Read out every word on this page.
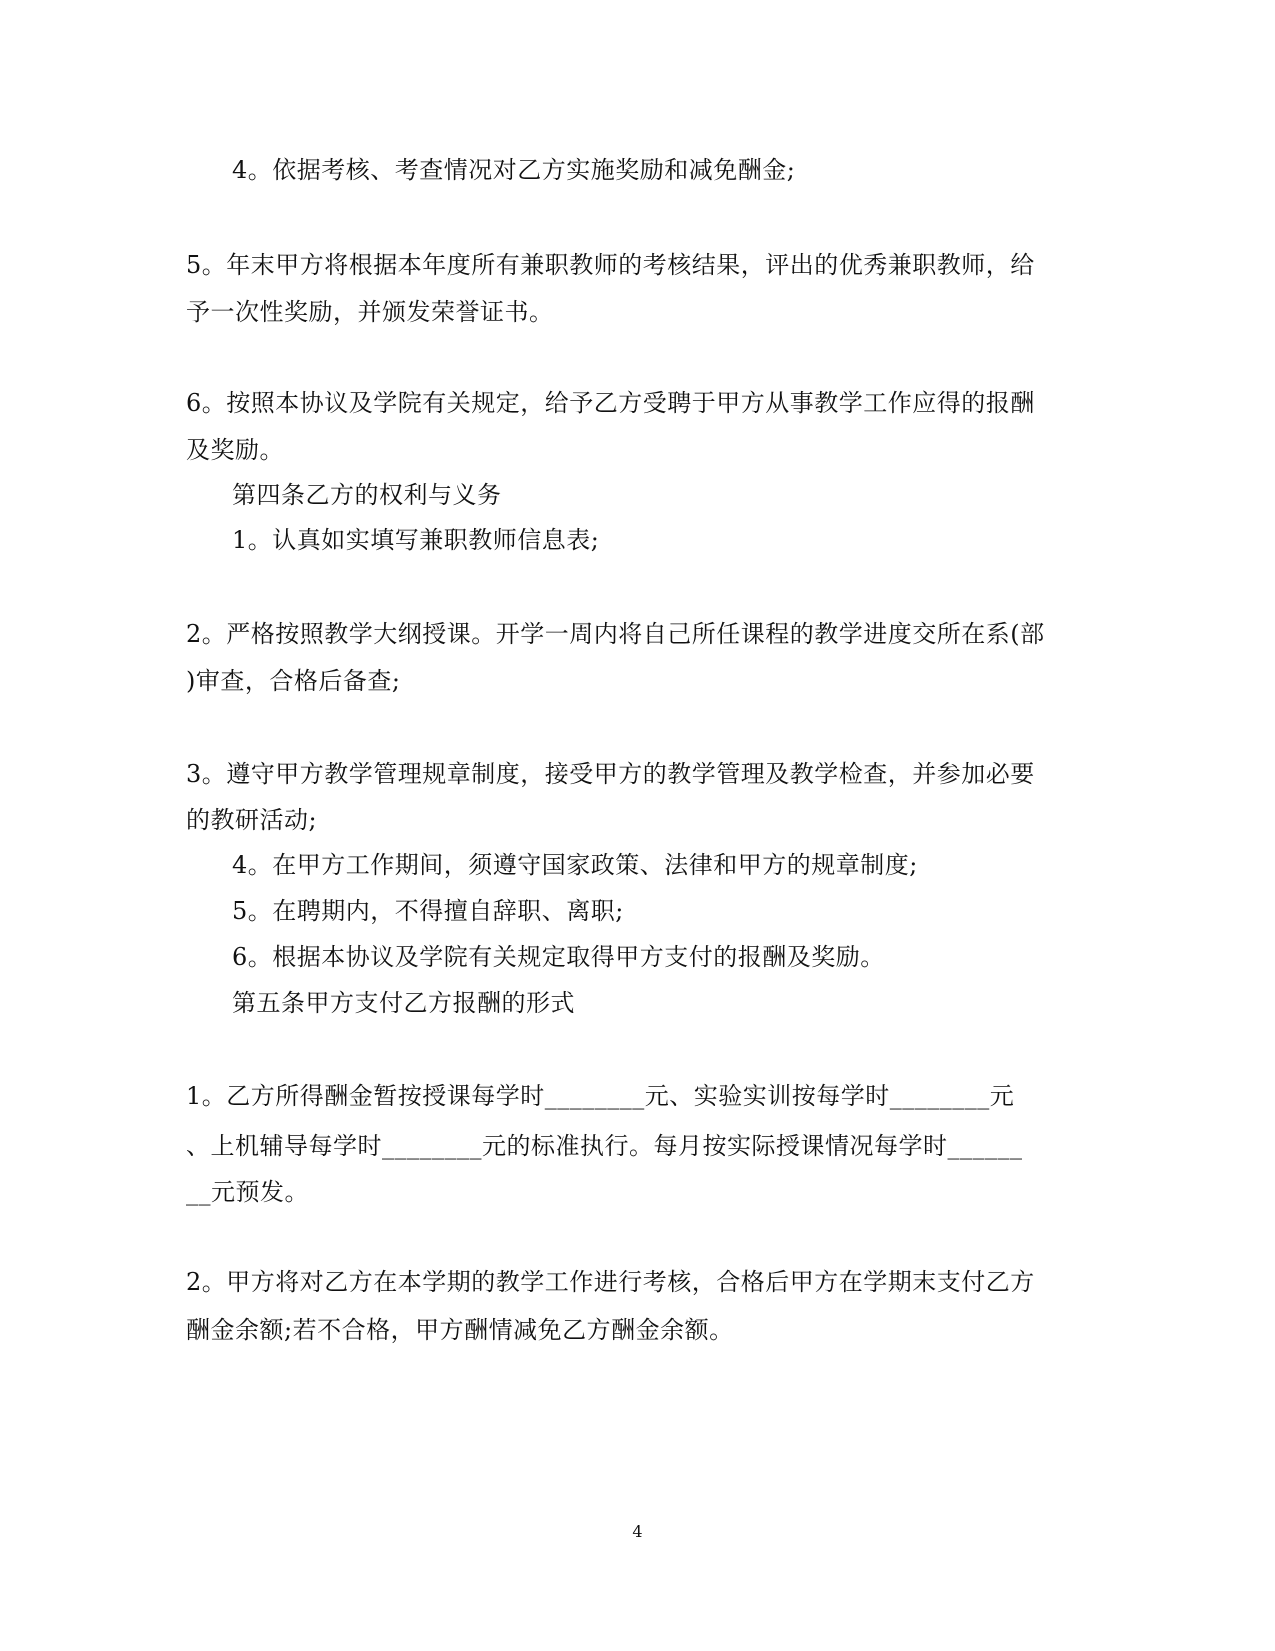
4。依据考核、考查情况对乙方实施奖励和减免酬金;
5。年末甲方将根据本年度所有兼职教师的考核结果，评出的优秀兼职教师，给
予一次性奖励，并颁发荣誉证书。
6。按照本协议及学院有关规定，给予乙方受聘于甲方从事教学工作应得的报酬
及奖励。
第四条乙方的权利与义务
1。认真如实填写兼职教师信息表;
2。严格按照教学大纲授课。开学一周内将自己所任课程的教学进度交所在系(部
)审查，合格后备查;
3。遵守甲方教学管理规章制度，接受甲方的教学管理及教学检查，并参加必要
的教研活动;
4。在甲方工作期间，须遵守国家政策、法律和甲方的规章制度;
5。在聘期内，不得擅自辞职、离职;
6。根据本协议及学院有关规定取得甲方支付的报酬及奖励。
第五条甲方支付乙方报酬的形式
1。乙方所得酬金暂按授课每学时________元、实验实训按每学时________元
、上机辅导每学时________元的标准执行。每月按实际授课情况每学时______
__元预发。
2。甲方将对乙方在本学期的教学工作进行考核，合格后甲方在学期末支付乙方
酬金余额;若不合格，甲方酬情减免乙方酬金余额。
4
